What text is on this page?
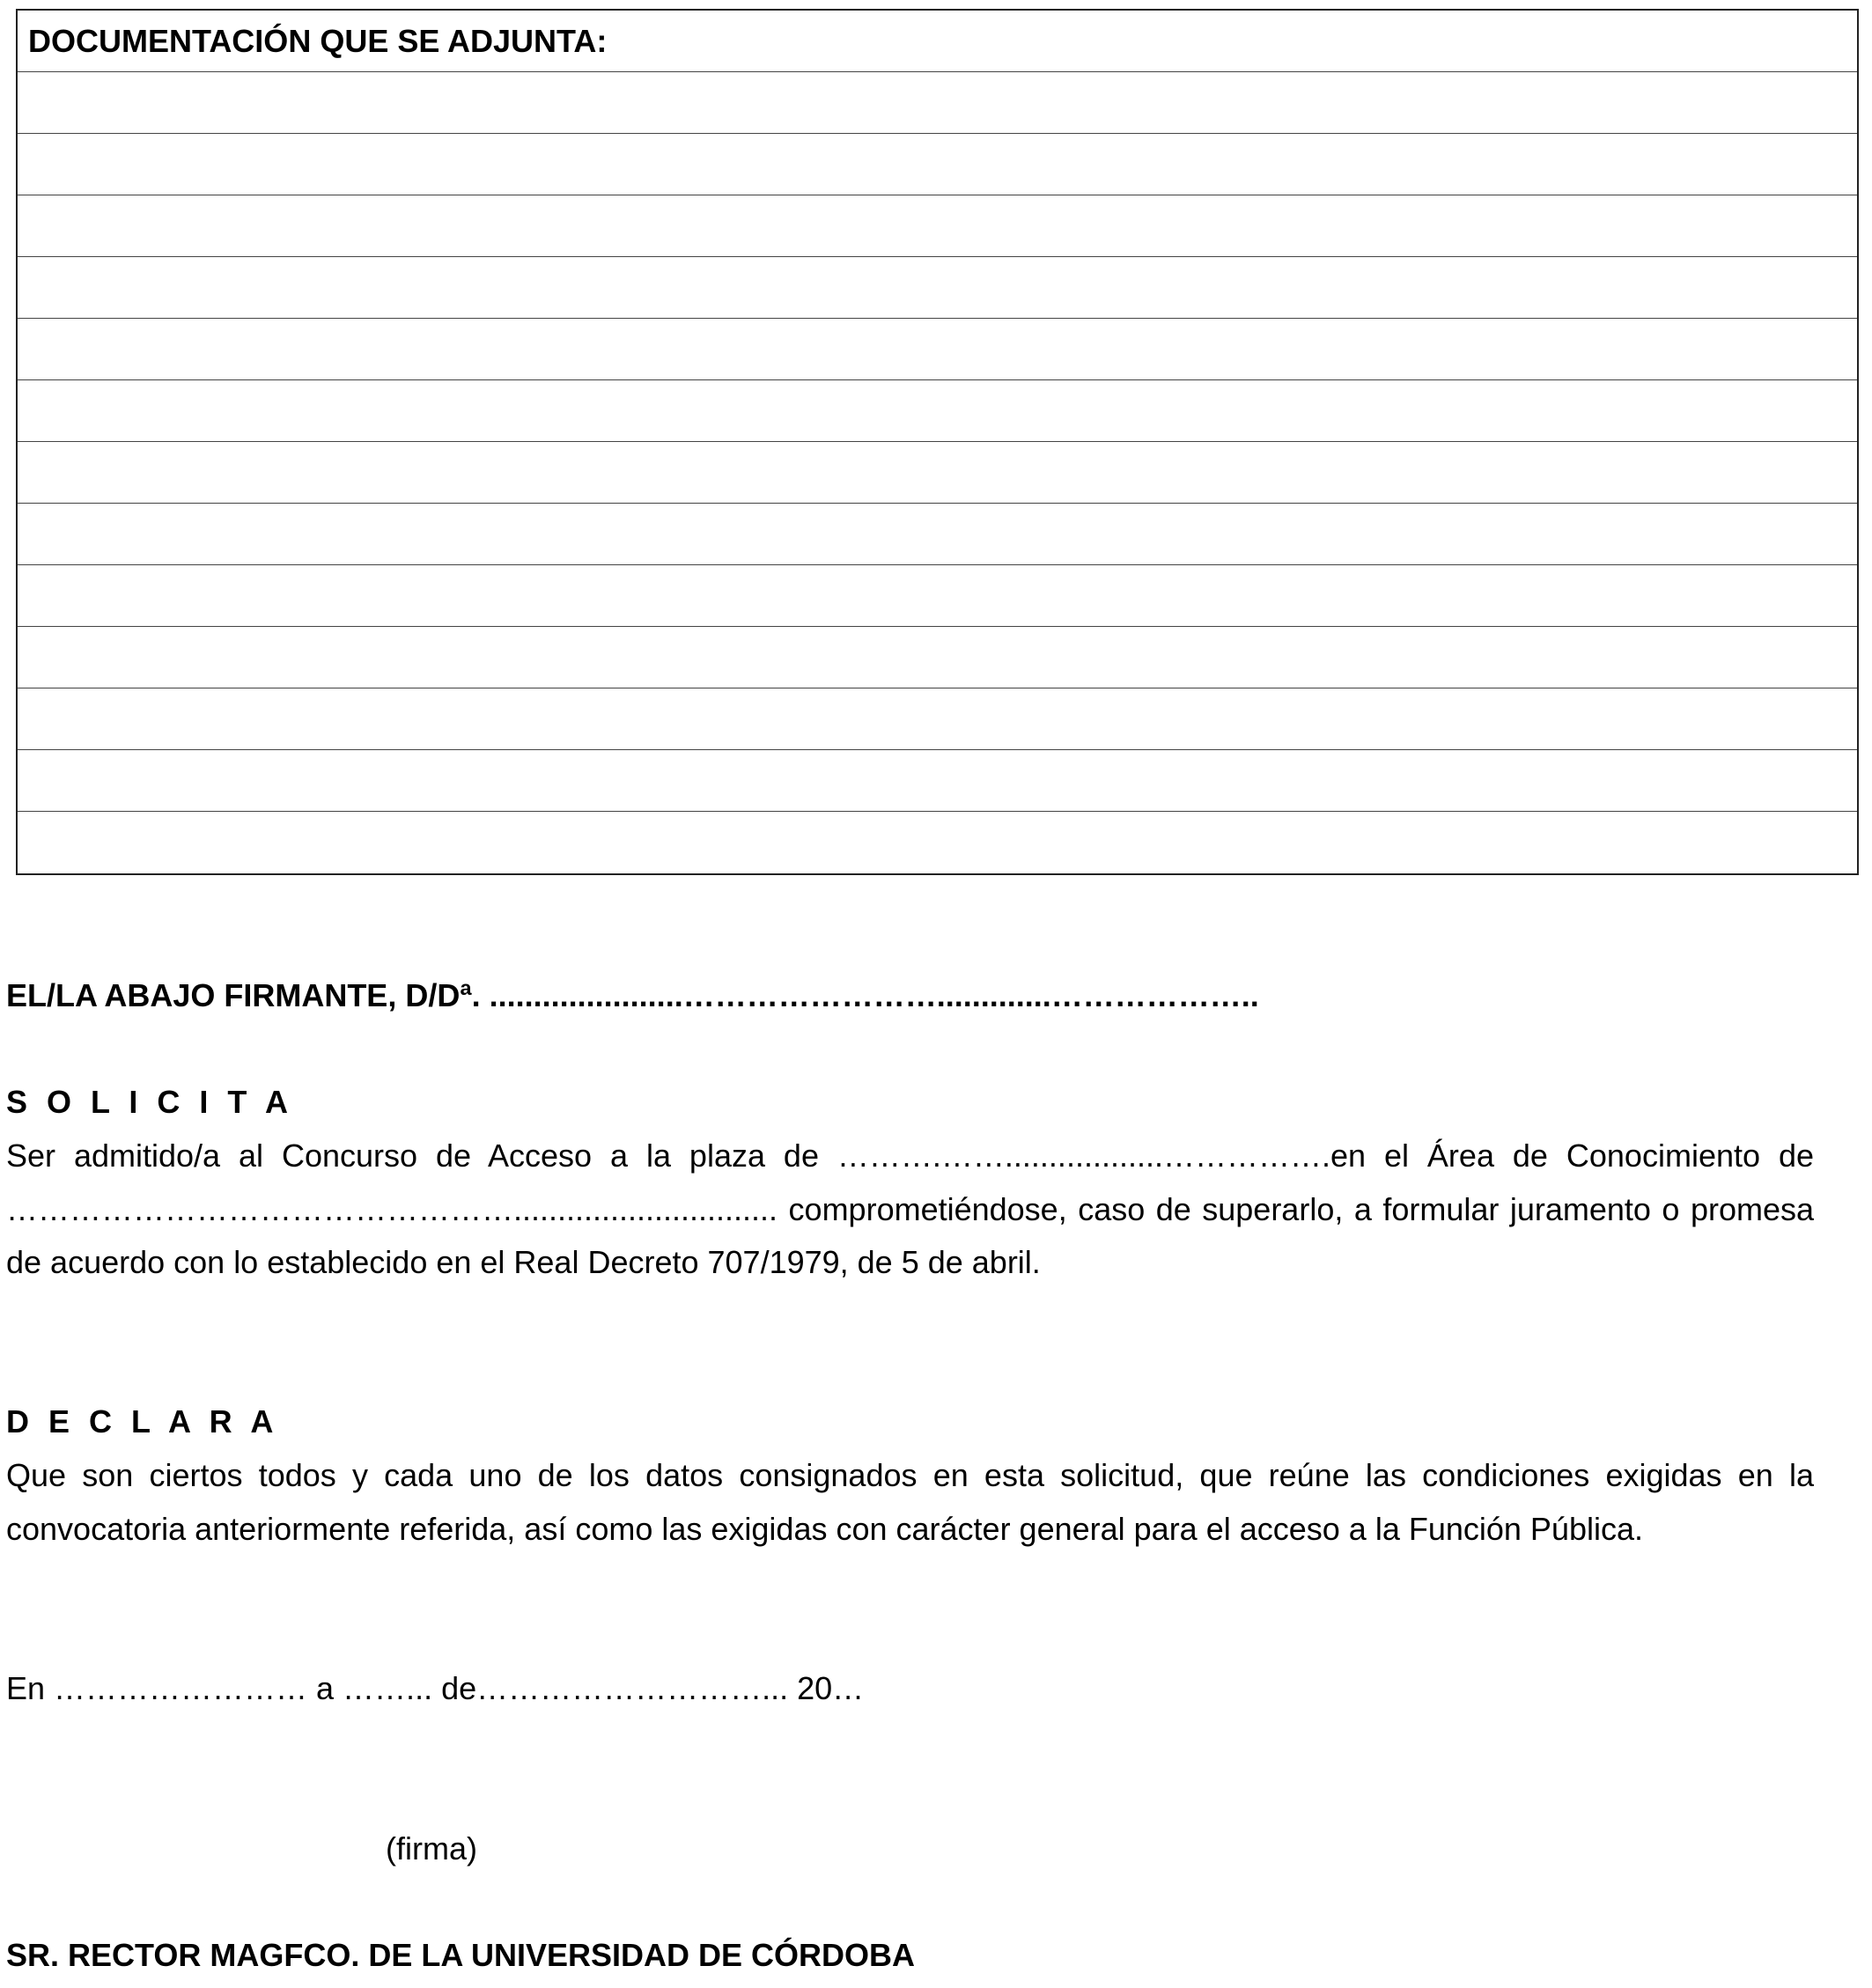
DOCUMENTACIÓN QUE SE ADJUNTA:
EL/LA ABAJO FIRMANTE, D/Dª. ......................…………………….............………………..
S O L I C I T A
Ser admitido/a al Concurso de Acceso a la plaza de ……….……..................…………….en el Área de Conocimiento de ………………………………………….............................. comprometiéndose, caso de superarlo, a formular juramento o promesa de acuerdo con lo establecido en el Real Decreto 707/1979, de 5 de abril.
D E C L A R A
Que son ciertos todos y cada uno de los datos consignados en esta solicitud, que reúne las condiciones exigidas en la convocatoria anteriormente referida, así como las exigidas con carácter general para el acceso a la Función Pública.
En …………………… a ……... de………………………... 20…
(firma)
SR. RECTOR MAGFCO. DE LA UNIVERSIDAD DE CÓRDOBA
